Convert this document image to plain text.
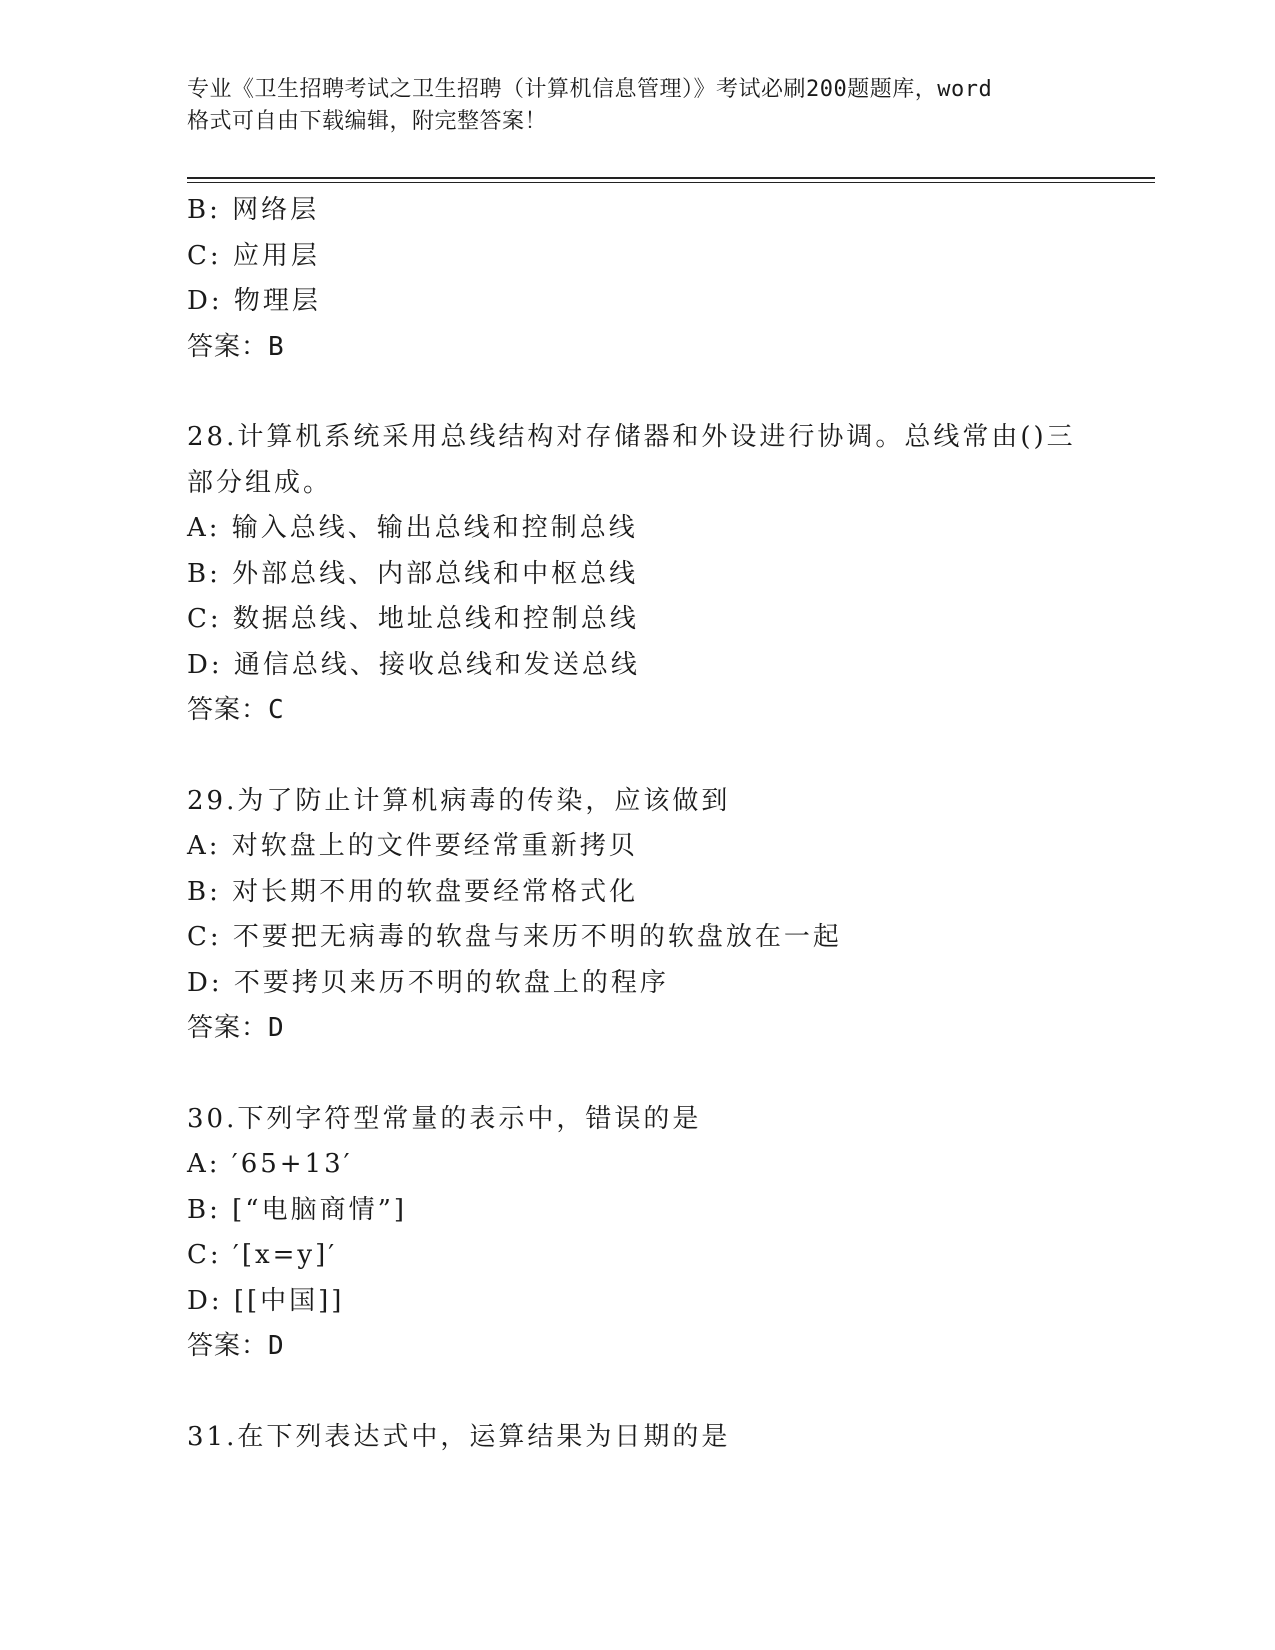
专业《卫生招聘考试之卫生招聘（计算机信息管理）》考试必刷200题题库，word
格式可自由下载编辑，附完整答案！
B: 网络层
C: 应用层
D: 物理层
答案：B
28.计算机系统采用总线结构对存储器和外设进行协调。总线常由()三
部分组成。
A: 输入总线、输出总线和控制总线
B: 外部总线、内部总线和中枢总线
C: 数据总线、地址总线和控制总线
D: 通信总线、接收总线和发送总线
答案：C
29.为了防止计算机病毒的传染，应该做到
A: 对软盘上的文件要经常重新拷贝
B: 对长期不用的软盘要经常格式化
C: 不要把无病毒的软盘与来历不明的软盘放在一起
D: 不要拷贝来历不明的软盘上的程序
答案：D
30.下列字符型常量的表示中，错误的是
A: ′65+13′
B: [“电脑商情”]
C: ′[x=y]′
D: [[中国]]
答案：D
31.在下列表达式中，运算结果为日期的是
